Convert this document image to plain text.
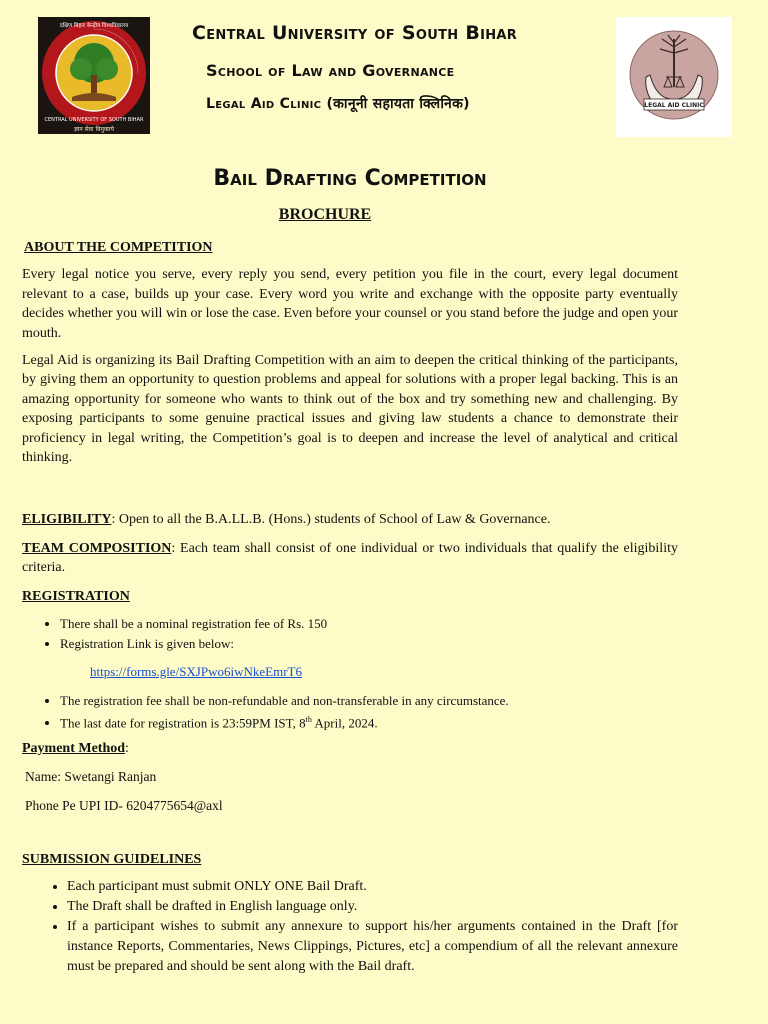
दक्षिण बिहार केन्द्रीय विश्वविद्यालय
CENTRAL UNIVERSITY OF SOUTH BIHAR
ज्ञान सेवा विमुक्तये
Central University of South Bihar
School of Law and Governance
Legal Aid Clinic (कानूनी सहायता क्लिनिक)	LEGAL AID CLINIC
Bail Drafting Competition
BROCHURE
ABOUT THE COMPETITION

Every legal notice you serve, every reply you send, every petition you file in the court, every legal document relevant to a case, builds up your case. Every word you write and exchange with the opposite party eventually decides whether you will win or lose the case. Even before your counsel or you stand before the judge and open your mouth.

Legal Aid is organizing its Bail Drafting Competition with an aim to deepen the critical thinking of the participants, by giving them an opportunity to question problems and appeal for solutions with a proper legal backing. This is an amazing opportunity for someone who wants to think out of the box and try something new and challenging. By exposing participants to some genuine practical issues and giving law students a chance to demonstrate their proficiency in legal writing, the Competition’s goal is to deepen and increase the level of analytical and critical thinking.

ELIGIBILITY: Open to all the B.A.LL.B. (Hons.) students of School of Law & Governance.

TEAM COMPOSITION: Each team shall consist of one individual or two individuals that qualify the eligibility criteria.

REGISTRATION
• There shall be a nominal registration fee of Rs. 150
• Registration Link is given below:
https://forms.gle/SXJPwo6iwNkeEmrT6
• The registration fee shall be non-refundable and non-transferable in any circumstance.
• The last date for registration is 23:59PM IST, 8th April, 2024.
Payment Method:
Name: Swetangi Ranjan
Phone Pe UPI ID- 6204775654@axl
SUBMISSION GUIDELINES
• Each participant must submit ONLY ONE Bail Draft.
• The Draft shall be drafted in English language only.
• If a participant wishes to submit any annexure to support his/her arguments contained in the Draft [for instance Reports, Commentaries, News Clippings, Pictures, etc] a compendium of all the relevant annexure must be prepared and should be sent along with the Bail draft.
